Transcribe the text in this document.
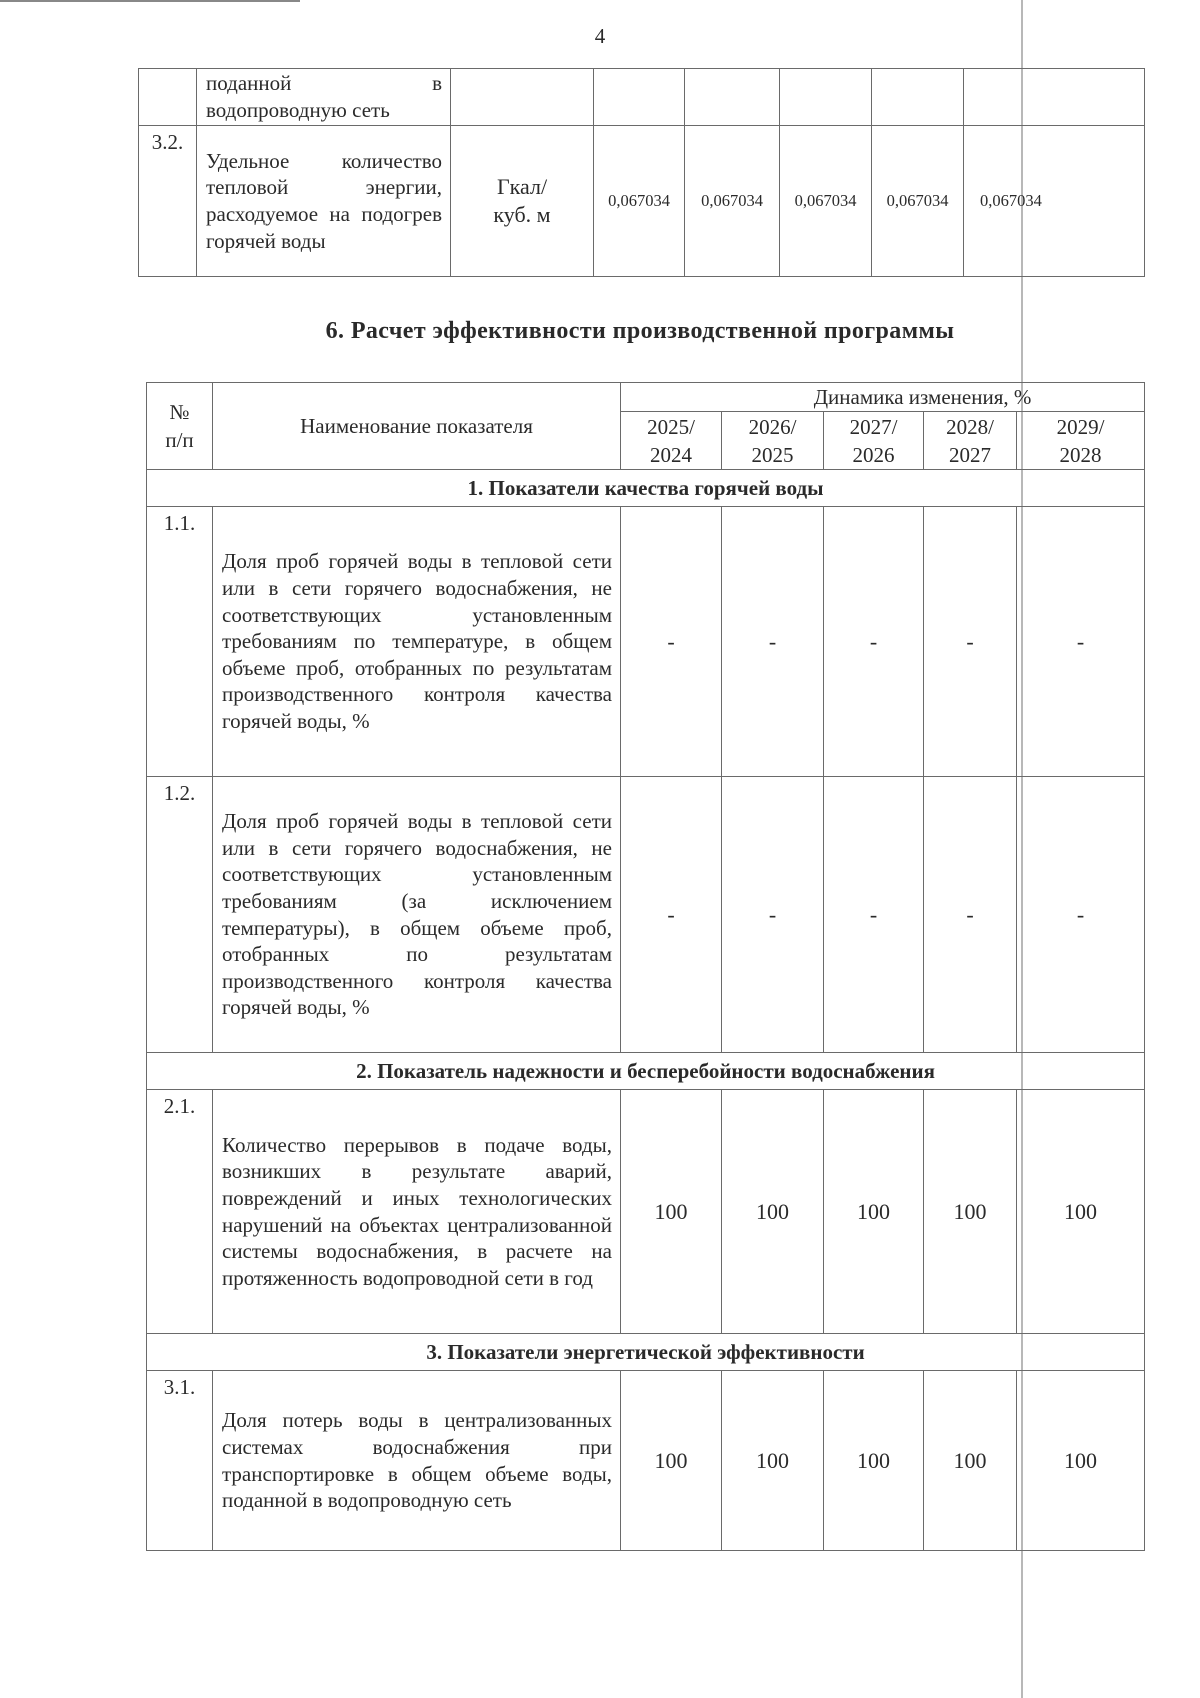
4
	поданной в водопроводную сеть						
3.2.	Удельное количество тепловой энергии, расходуемое на подогрев горячей воды	Гкал/ куб. м	0,067034	0,067034	0,067034	0,067034	0,067034
6. Расчет эффективности производственной программы
№ п/п	Наименование показателя	Динамика изменения, %				
		2025/ 2024	2026/ 2025	2027/ 2026	2028/ 2027	2029/ 2028
1. Показатели качества горячей воды						
1.1.	Доля проб горячей воды в тепловой сети или в сети горячего водоснабжения, не соответствующих установленным требованиям по температуре, в общем объеме проб, отобранных по результатам производственного контроля качества горячей воды, %	-	-	-	-	-
1.2.	Доля проб горячей воды в тепловой сети или в сети горячего водоснабжения, не соответствующих установленным требованиям (за исключением температуры), в общем объеме проб, отобранных по результатам производственного контроля качества горячей воды, %	-	-	-	-	-
2. Показатель надежности и бесперебойности водоснабжения						
2.1.	Количество перерывов в подаче воды, возникших в результате аварий, повреждений и иных технологических нарушений на объектах централизованной системы водоснабжения, в расчете на протяженность водопроводной сети в год	100	100	100	100	100
3. Показатели энергетической эффективности						
3.1.	Доля потерь воды в централизованных системах водоснабжения при транспортировке в общем объеме воды, поданной в водопроводную сеть	100	100	100	100	100
